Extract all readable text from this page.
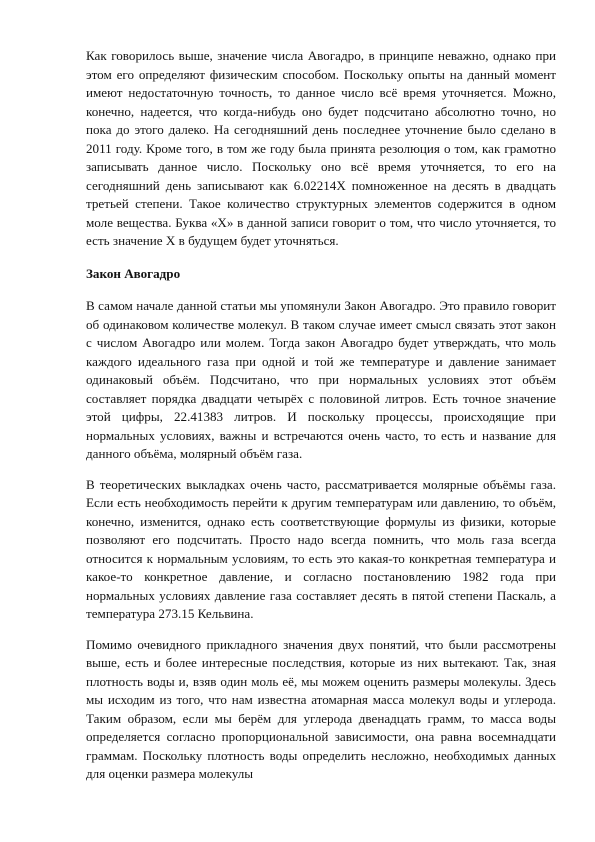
Как говорилось выше, значение числа Авогадро, в принципе неважно, однако при этом его определяют физическим способом. Поскольку опыты на данный момент имеют недостаточную точность, то данное число всё время уточняется. Можно, конечно, надеется, что когда-нибудь оно будет подсчитано абсолютно точно, но пока до этого далеко. На сегодняшний день последнее уточнение было сделано в 2011 году. Кроме того, в том же году была принята резолюция о том, как грамотно записывать данное число. Поскольку оно всё время уточняется, то его на сегодняшний день записывают как 6.02214X помноженное на десять в двадцать третьей степени. Такое количество структурных элементов содержится в одном моле вещества. Буква «Х» в данной записи говорит о том, что число уточняется, то есть значение Х в будущем будет уточняться.

Закон Авогадро

В самом начале данной статьи мы упомянули Закон Авогадро. Это правило говорит об одинаковом количестве молекул. В таком случае имеет смысл связать этот закон с числом Авогадро или молем. Тогда закон Авогадро будет утверждать, что моль каждого идеального газа при одной и той же температуре и давление занимает одинаковый объём. Подсчитано, что при нормальных условиях этот объём составляет порядка двадцати четырёх с половиной литров. Есть точное значение этой цифры, 22.41383 литров. И поскольку процессы, происходящие при нормальных условиях, важны и встречаются очень часто, то есть и название для данного объёма, молярный объём газа.

В теоретических выкладках очень часто, рассматривается молярные объёмы газа. Если есть необходимость перейти к другим температурам или давлению, то объём, конечно, изменится, однако есть соответствующие формулы из физики, которые позволяют его подсчитать. Просто надо всегда помнить, что моль газа всегда относится к нормальным условиям, то есть это какая-то конкретная температура и какое-то конкретное давление, и согласно постановлению 1982 года при нормальных условиях давление газа составляет десять в пятой степени Паскаль, а температура 273.15 Кельвина.

Помимо очевидного прикладного значения двух понятий, что были рассмотрены выше, есть и более интересные последствия, которые из них вытекают. Так, зная плотность воды и, взяв один моль её, мы можем оценить размеры молекулы. Здесь мы исходим из того, что нам известна атомарная масса молекул воды и углерода. Таким образом, если мы берём для углерода двенадцать грамм, то масса воды определяется согласно пропорциональной зависимости, она равна восемнадцати граммам. Поскольку плотность воды определить несложно, необходимых данных для оценки размера молекулы
